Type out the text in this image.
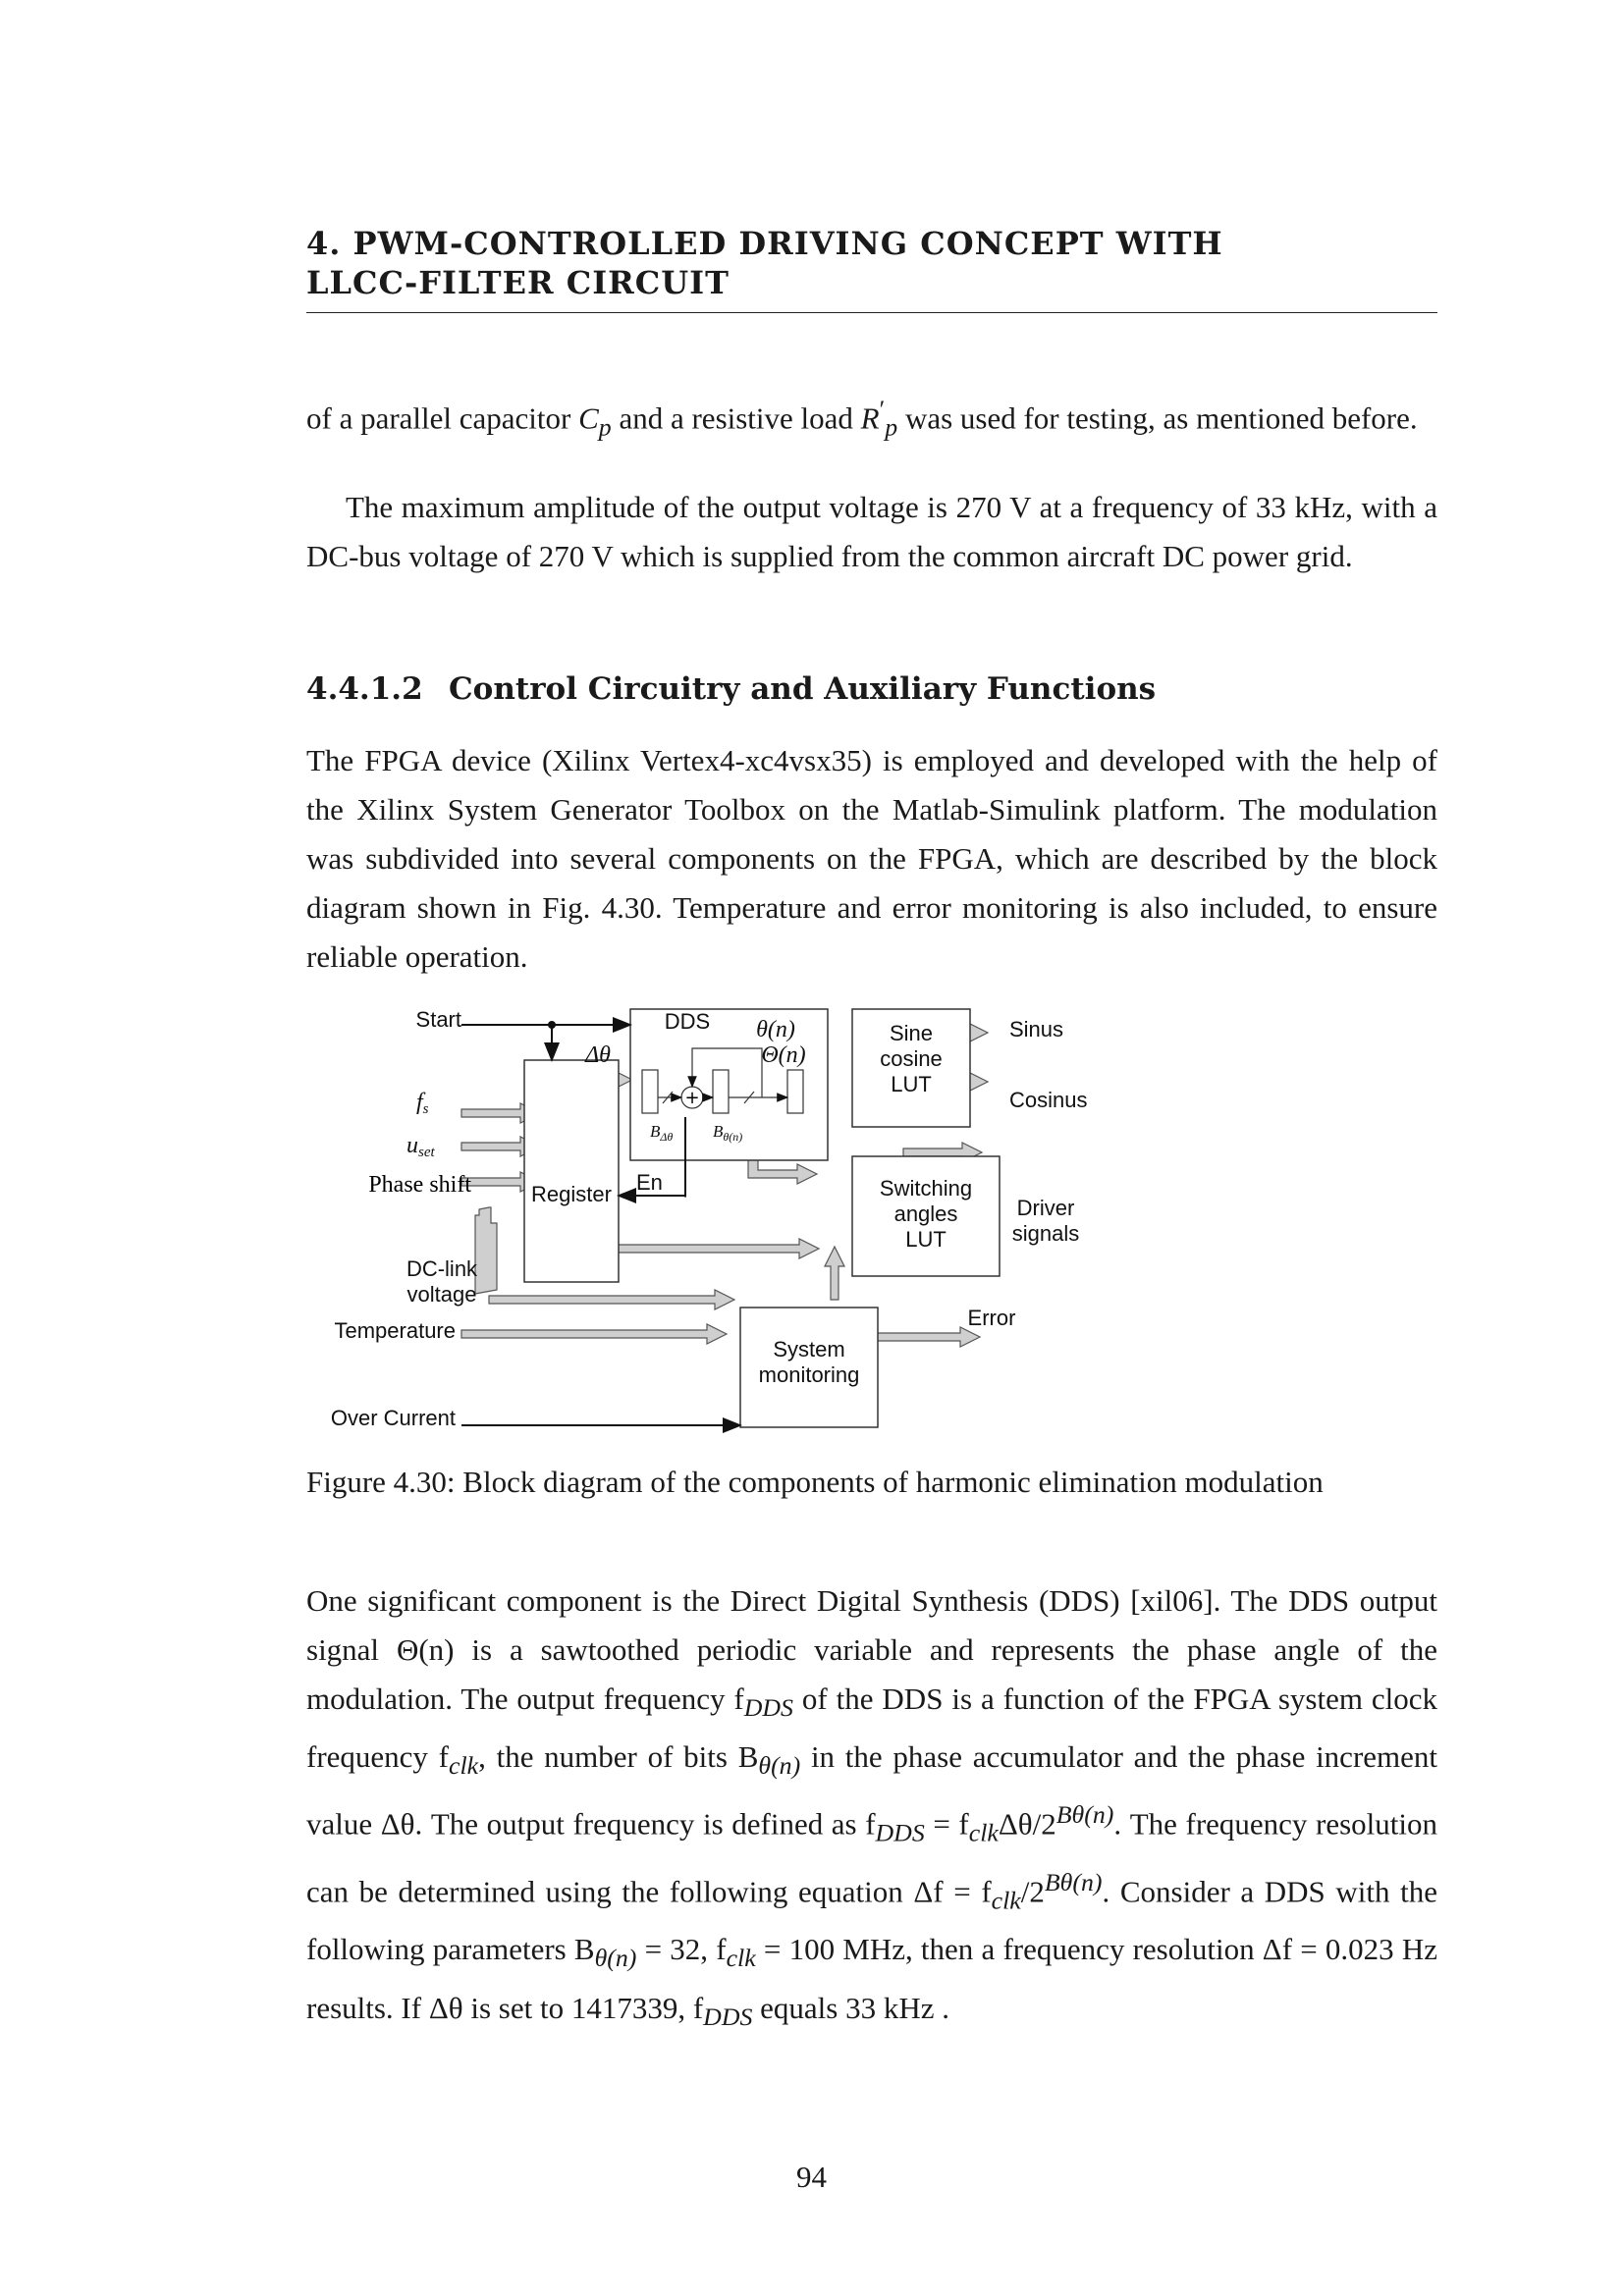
4. PWM-CONTROLLED DRIVING CONCEPT WITH
LLCC-FILTER CIRCUIT

of a parallel capacitor $C_p$ and a resistive load $R'_p$ was used for testing, as mentioned before.

The maximum amplitude of the output voltage is 270 V at a frequency of 33 kHz, with a DC-bus voltage of 270 V which is supplied from the common aircraft DC power grid.

4.4.1.2 Control Circuitry and Auxiliary Functions

The FPGA device (Xilinx Vertex4-xc4vsx35) is employed and developed with the help of the Xilinx System Generator Toolbox on the Matlab-Simulink platform. The modulation was subdivided into several components on the FPGA, which are described by the block diagram shown in Fig. 4.30. Temperature and error monitoring is also included, to ensure reliable operation.

+
Start	DDS θ(n)
Δθ	Θ(n)
$B_{\Delta\theta}$ $B_{\theta(n)}$
Sine
cosine
LUT
Sinus
Cosinus
fs
uset
Phase shift	Register En	Switching
angles
LUT
Driver
signals
DC-link
voltage
Temperature
Over Current
System
monitoring
Error
Figure 4.30: Block diagram of the components of harmonic elimination modulation

One significant component is the Direct Digital Synthesis (DDS) [xil06]. The DDS output signal Θ(n) is a sawtoothed periodic variable and represents the phase angle of the modulation. The output frequency $f_{DDS}$ of the DDS is a function of the FPGA system clock frequency $f_{clk}$, the number of bits $B_{\theta(n)}$ in the phase accumulator and the phase increment value Δθ. The output frequency is defined as $f_{DDS} = f_{clk}\Delta\theta/2^{B\theta(n)}$. The frequency resolution can be determined using the following equation $\Delta f = f_{clk}/2^{B\theta(n)}$. Consider a DDS with the following parameters $B_{\theta(n)} = 32$, $f_{clk} = 100$ MHz, then a frequency resolution Δf = 0.023 Hz results. If Δθ is set to 1417339, $f_{DDS}$ equals 33 kHz .

94
